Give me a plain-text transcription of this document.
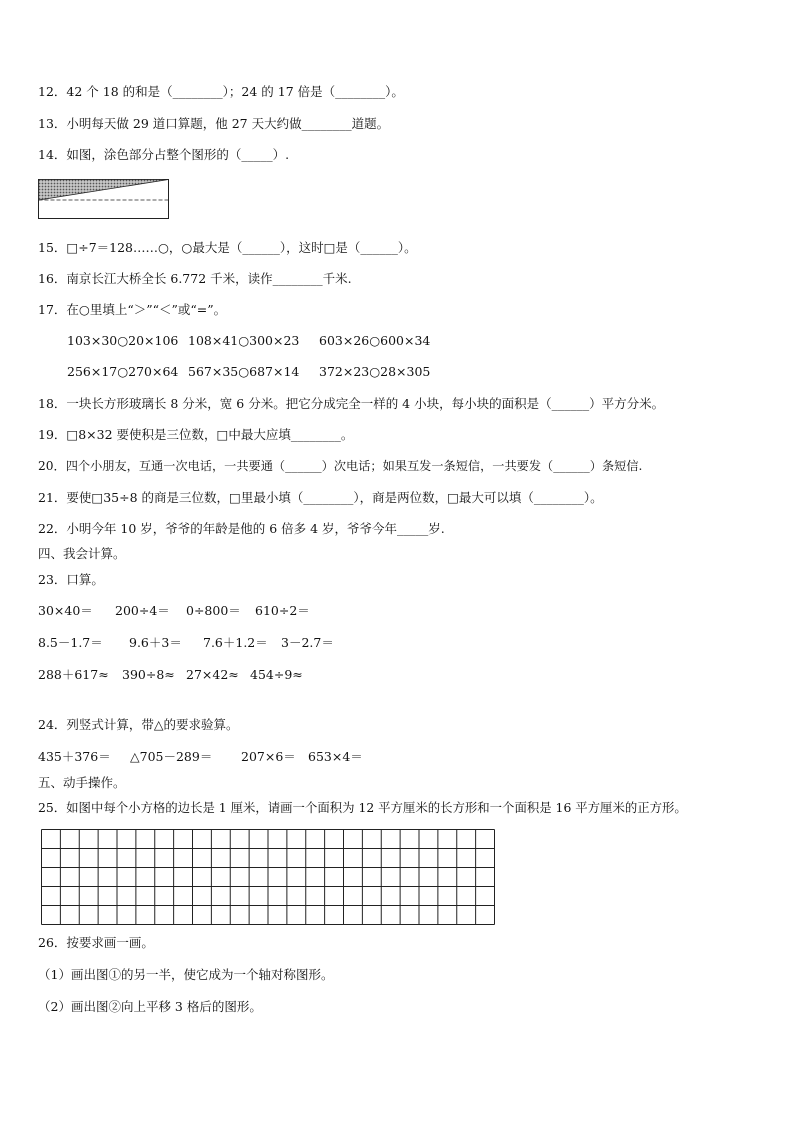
12．42 个 18 的和是（________）；24 的 17 倍是（________）。
13．小明每天做 29 道口算题，他 27 天大约做________道题。
14．如图，涂色部分占整个图形的（_____）.
15．□÷7＝128……○，○最大是（______），这时□是（______）。
16．南京长江大桥全长 6.772 千米，读作________千米.
17．在○里填上“＞”“＜”或“=”。
103×30○20×106 108×41○300×23 603×26○600×34
256×17○270×64 567×35○687×14 372×23○28×305
18．一块长方形玻璃长 8 分米，宽 6 分米。把它分成完全一样的 4 小块，每小块的面积是（______）平方分米。
19．□8×32 要使积是三位数，□中最大应填________。
20．四个小朋友，互通一次电话，一共要通（______）次电话；如果互发一条短信，一共要发（______）条短信.
21．要使□35÷8 的商是三位数，□里最小填（________），商是两位数，□最大可以填（________）。
22．小明今年 10 岁，爷爷的年龄是他的 6 倍多 4 岁，爷爷今年_____岁.
四、我会计算。
23．口算。
30×40＝ 200÷4＝ 0÷800＝ 610÷2＝
8.5－1.7＝ 9.6＋3＝ 7.6＋1.2＝ 3－2.7＝
288＋617≈ 390÷8≈ 27×42≈ 454÷9≈
24．列竖式计算，带△的要求验算。
435＋376＝ △705－289＝ 207×6＝ 653×4＝
五、动手操作。
25．如图中每个小方格的边长是 1 厘米，请画一个面积为 12 平方厘米的长方形和一个面积是 16 平方厘米的正方形。
26．按要求画一画。
（1）画出图①的另一半，使它成为一个轴对称图形。
（2）画出图②向上平移 3 格后的图形。
